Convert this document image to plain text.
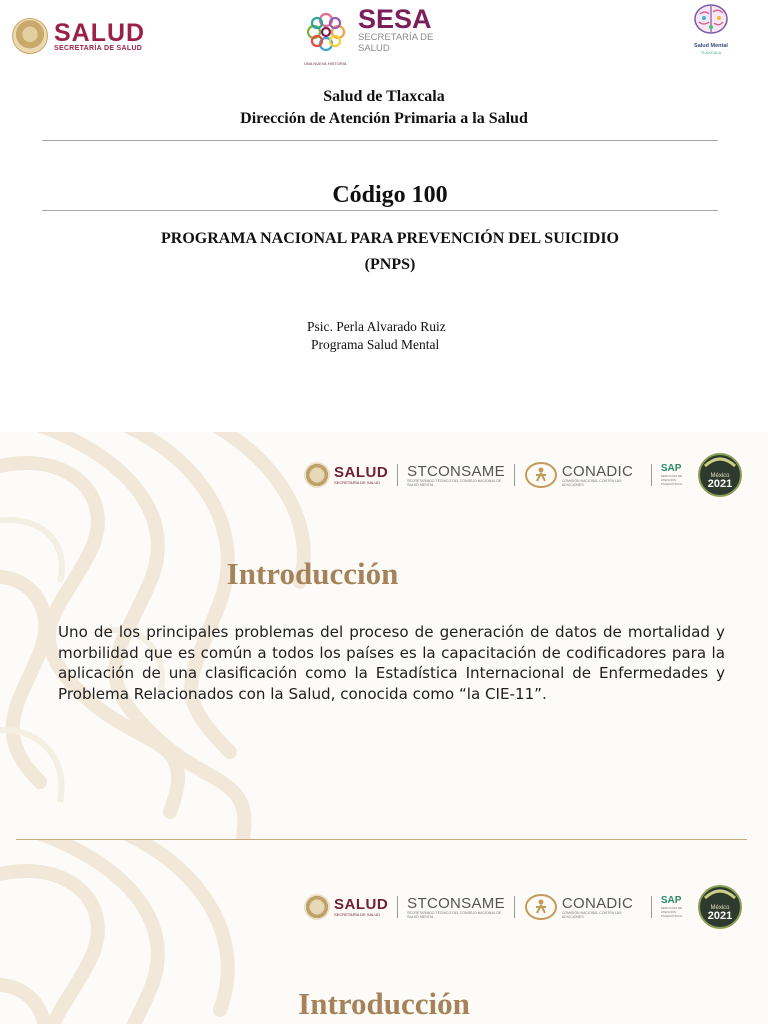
SALUD
SECRETARÍA DE SALUD
UNA NUEVA HISTORIA
SESA
SECRETARÍA DE
SALUD	Salud Mental
TLAXCALA
Salud de Tlaxcala
Dirección de Atención Primaria a la Salud
Código 100
PROGRAMA NACIONAL PARA PREVENCIÓN DEL SUICIDIO
(PNPS)
Psic. Perla Alvarado Ruiz
Programa Salud Mental
SALUD
SECRETARÍA DE SALUD
STCONSAME
SECRETARIADO TÉCNICO DEL CONSEJO NACIONAL DE SALUD MENTAL
CONADIC
COMISIÓN NACIONAL CONTRA LAS ADICCIONES
SAP
SERVICIOS DE ATENCIÓN PSIQUIÁTRICA
México
2021
Introducción
Uno de los principales problemas del proceso de generación de datos de mortalidad y morbilidad que es común a todos los países es la capacitación de codificadores para la aplicación de una clasificación como la Estadística Internacional de Enfermedades y Problema Relacionados con la Salud, conocida como “la CIE-11”.
SALUD
SECRETARÍA DE SALUD
STCONSAME
SECRETARIADO TÉCNICO DEL CONSEJO NACIONAL DE SALUD MENTAL
CONADIC
COMISIÓN NACIONAL CONTRA LAS ADICCIONES
SAP
SERVICIOS DE ATENCIÓN PSIQUIÁTRICA
México
2021
Introducción
